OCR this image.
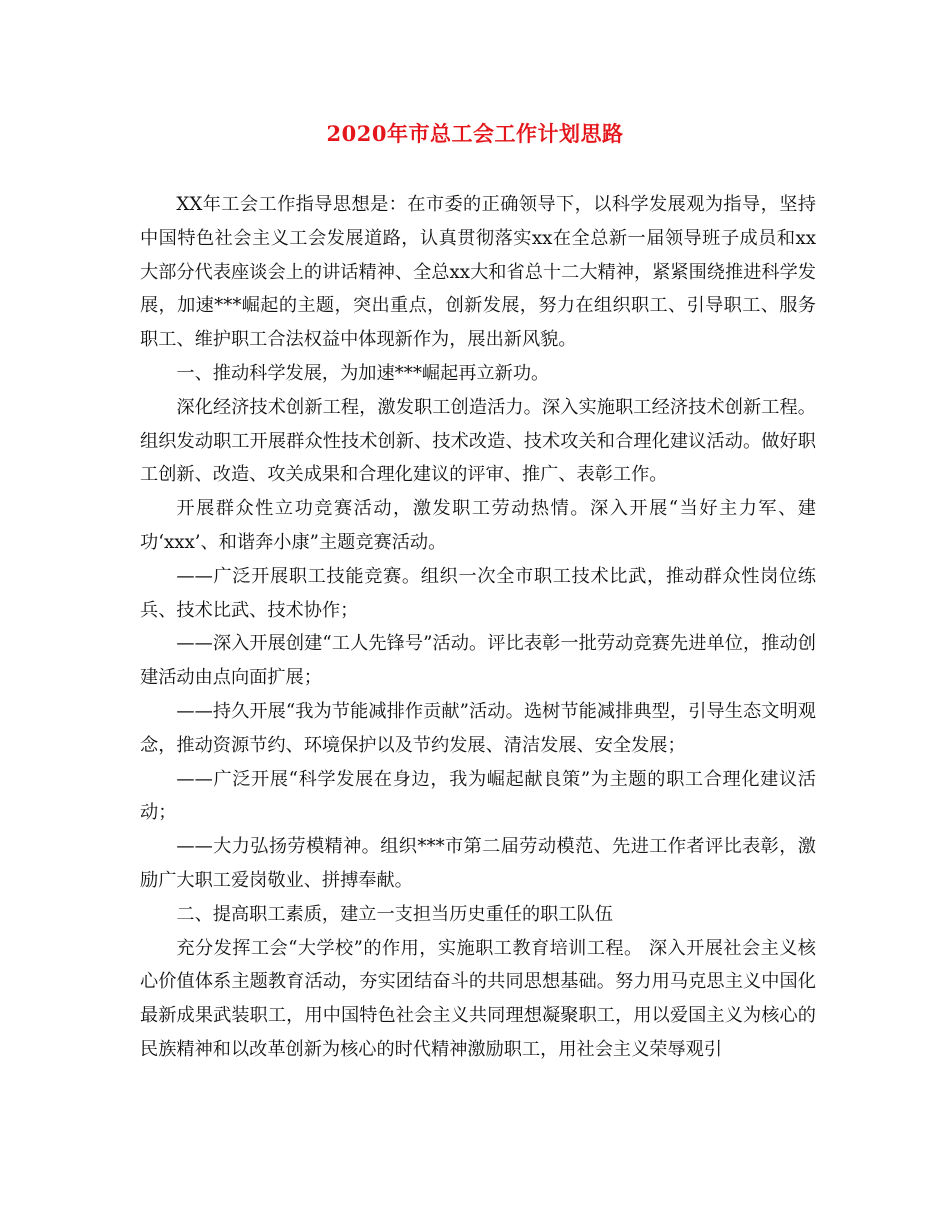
2020年市总工会工作计划思路

XX年工会工作指导思想是：在市委的正确领导下，以科学发展观为指导，坚持中国特色社会主义工会发展道路，认真贯彻落实xx在全总新一届领导班子成员和xx大部分代表座谈会上的讲话精神、全总xx大和省总十二大精神，紧紧围绕推进科学发展，加速***崛起的主题，突出重点，创新发展，努力在组织职工、引导职工、服务职工、维护职工合法权益中体现新作为，展出新风貌。

一、推动科学发展，为加速***崛起再立新功。

深化经济技术创新工程，激发职工创造活力。深入实施职工经济技术创新工程。组织发动职工开展群众性技术创新、技术改造、技术攻关和合理化建议活动。做好职工创新、改造、攻关成果和合理化建议的评审、推广、表彰工作。

开展群众性立功竞赛活动，激发职工劳动热情。深入开展“当好主力军、建功‘xxx’、和谐奔小康”主题竞赛活动。

——广泛开展职工技能竞赛。组织一次全市职工技术比武，推动群众性岗位练兵、技术比武、技术协作；

——深入开展创建“工人先锋号”活动。评比表彰一批劳动竞赛先进单位，推动创建活动由点向面扩展；

——持久开展“我为节能减排作贡献”活动。选树节能减排典型，引导生态文明观念，推动资源节约、环境保护以及节约发展、清洁发展、安全发展；

——广泛开展“科学发展在身边，我为崛起献良策”为主题的职工合理化建议活动；

——大力弘扬劳模精神。组织***市第二届劳动模范、先进工作者评比表彰，激励广大职工爱岗敬业、拼搏奉献。

二、提高职工素质，建立一支担当历史重任的职工队伍

充分发挥工会“大学校”的作用，实施职工教育培训工程。 深入开展社会主义核心价值体系主题教育活动，夯实团结奋斗的共同思想基础。努力用马克思主义中国化最新成果武装职工，用中国特色社会主义共同理想凝聚职工，用以爱国主义为核心的民族精神和以改革创新为核心的时代精神激励职工，用社会主义荣辱观引
